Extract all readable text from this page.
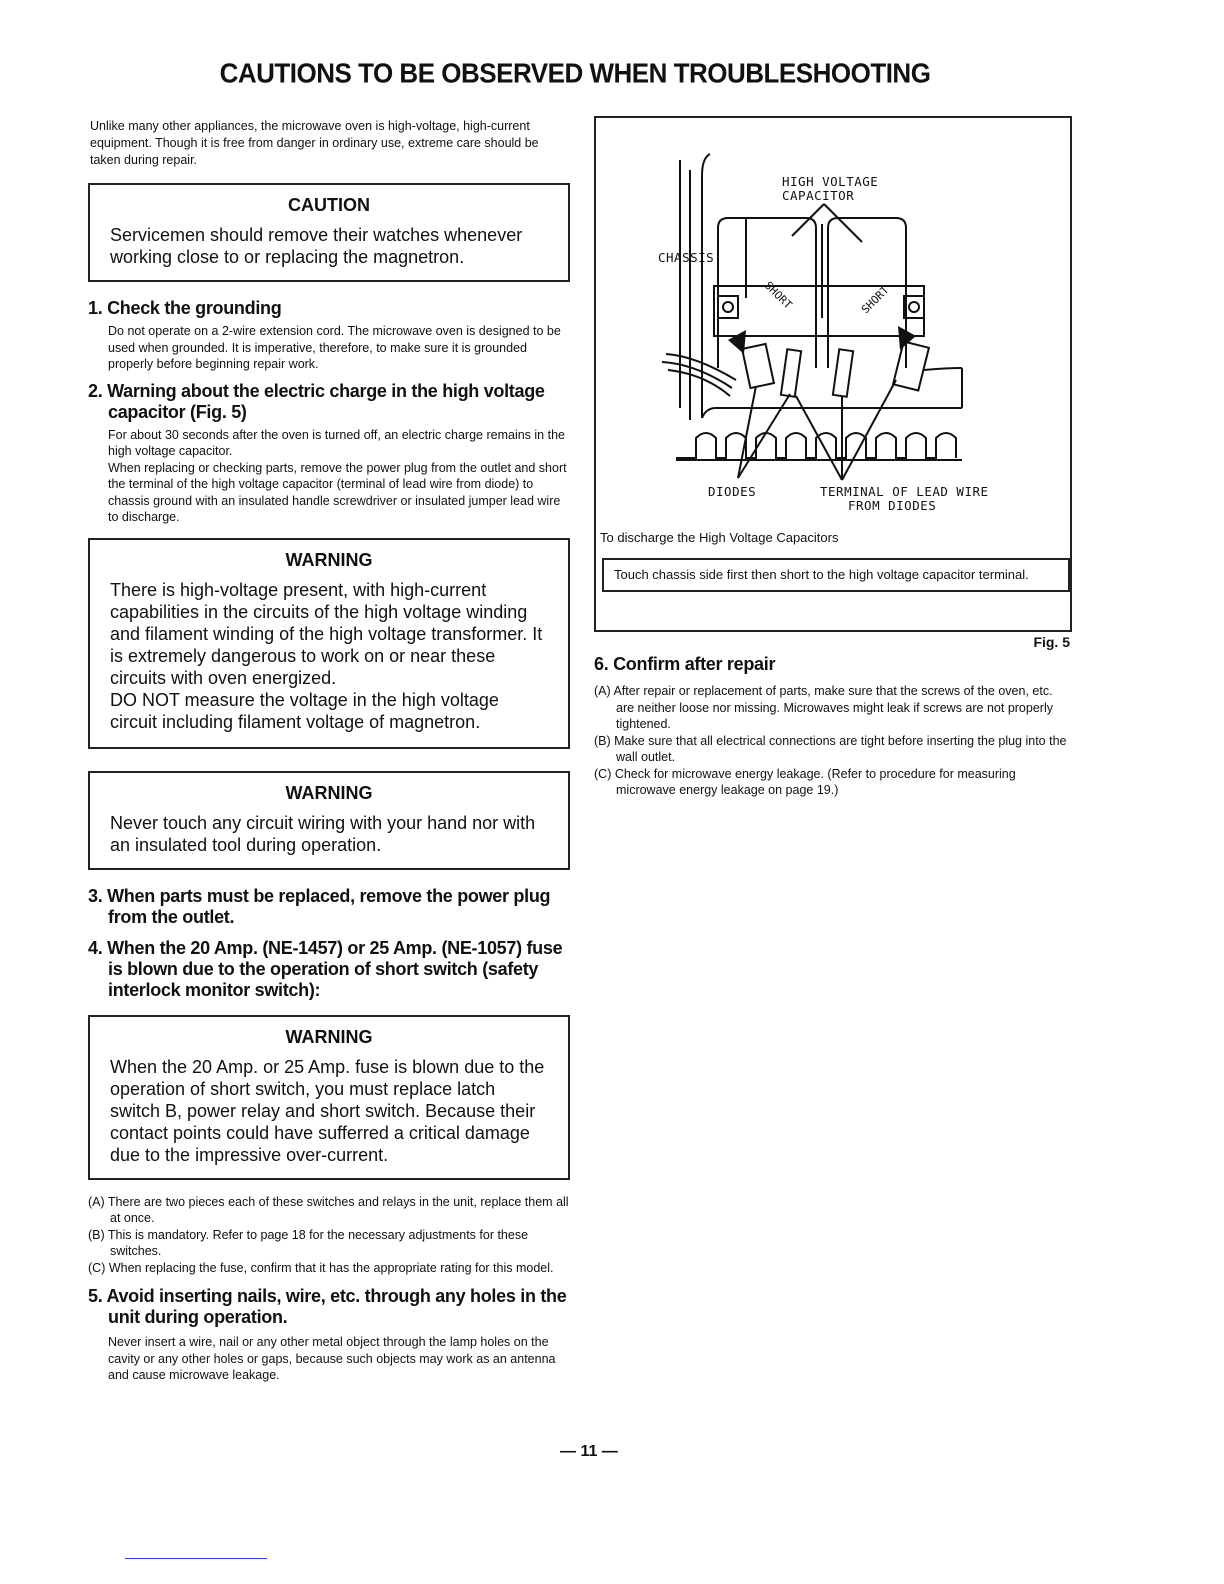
CAUTIONS TO BE OBSERVED WHEN TROUBLESHOOTING

Unlike many other appliances, the microwave oven is high-voltage, high-current equipment. Though it is free from danger in ordinary use, extreme care should be taken during repair.

CAUTION

Servicemen should remove their watches whenever working close to or replacing the magnetron.

1. Check the grounding

Do not operate on a 2-wire extension cord. The microwave oven is designed to be used when grounded. It is imperative, therefore, to make sure it is grounded properly before beginning repair work.

2. Warning about the electric charge in the high voltage capacitor (Fig. 5)

For about 30 seconds after the oven is turned off, an electric charge remains in the high voltage capacitor.

When replacing or checking parts, remove the power plug from the outlet and short the terminal of the high voltage capacitor (terminal of lead wire from diode) to chassis ground with an insulated handle screwdriver or insulated jumper lead wire to discharge.

WARNING

There is high-voltage present, with high-current capabilities in the circuits of the high voltage winding and filament winding of the high voltage transformer. It is extremely dangerous to work on or near these circuits with oven energized.

DO NOT measure the voltage in the high voltage circuit including filament voltage of magnetron.

WARNING

Never touch any circuit wiring with your hand nor with an insulated tool during operation.

3. When parts must be replaced, remove the power plug from the outlet.

4. When the 20 Amp. (NE-1457) or 25 Amp. (NE-1057) fuse is blown due to the operation of short switch (safety interlock monitor switch):

WARNING

When the 20 Amp. or 25 Amp. fuse is blown due to the operation of short switch, you must replace latch switch B, power relay and short switch. Because their contact points could have sufferred a critical damage due to the impressive over-current.

(A) There are two pieces each of these switches and relays in the unit, replace them all at once.

(B) This is mandatory. Refer to page 18 for the necessary adjustments for these switches.

(C) When replacing the fuse, confirm that it has the appropriate rating for this model.

5. Avoid inserting nails, wire, etc. through any holes in the unit during operation.

Never insert a wire, nail or any other metal object through the lamp holes on the cavity or any other holes or gaps, because such objects may work as an antenna and cause microwave leakage.

SHORT	SHORT
HIGH VOLTAGE
CAPACITOR
CHASSIS
DIODES	TERMINAL OF LEAD WIRE
FROM DIODES
To discharge the High Voltage Capacitors
Touch chassis side first then short to the high voltage capacitor terminal.
Fig. 5

6. Confirm after repair

(A) After repair or replacement of parts, make sure that the screws of the oven, etc. are neither loose nor missing. Microwaves might leak if screws are not properly tightened.

(B) Make sure that all electrical connections are tight before inserting the plug into the wall outlet.

(C) Check for microwave energy leakage. (Refer to procedure for measuring microwave energy leakage on page 19.)

— 11 —
